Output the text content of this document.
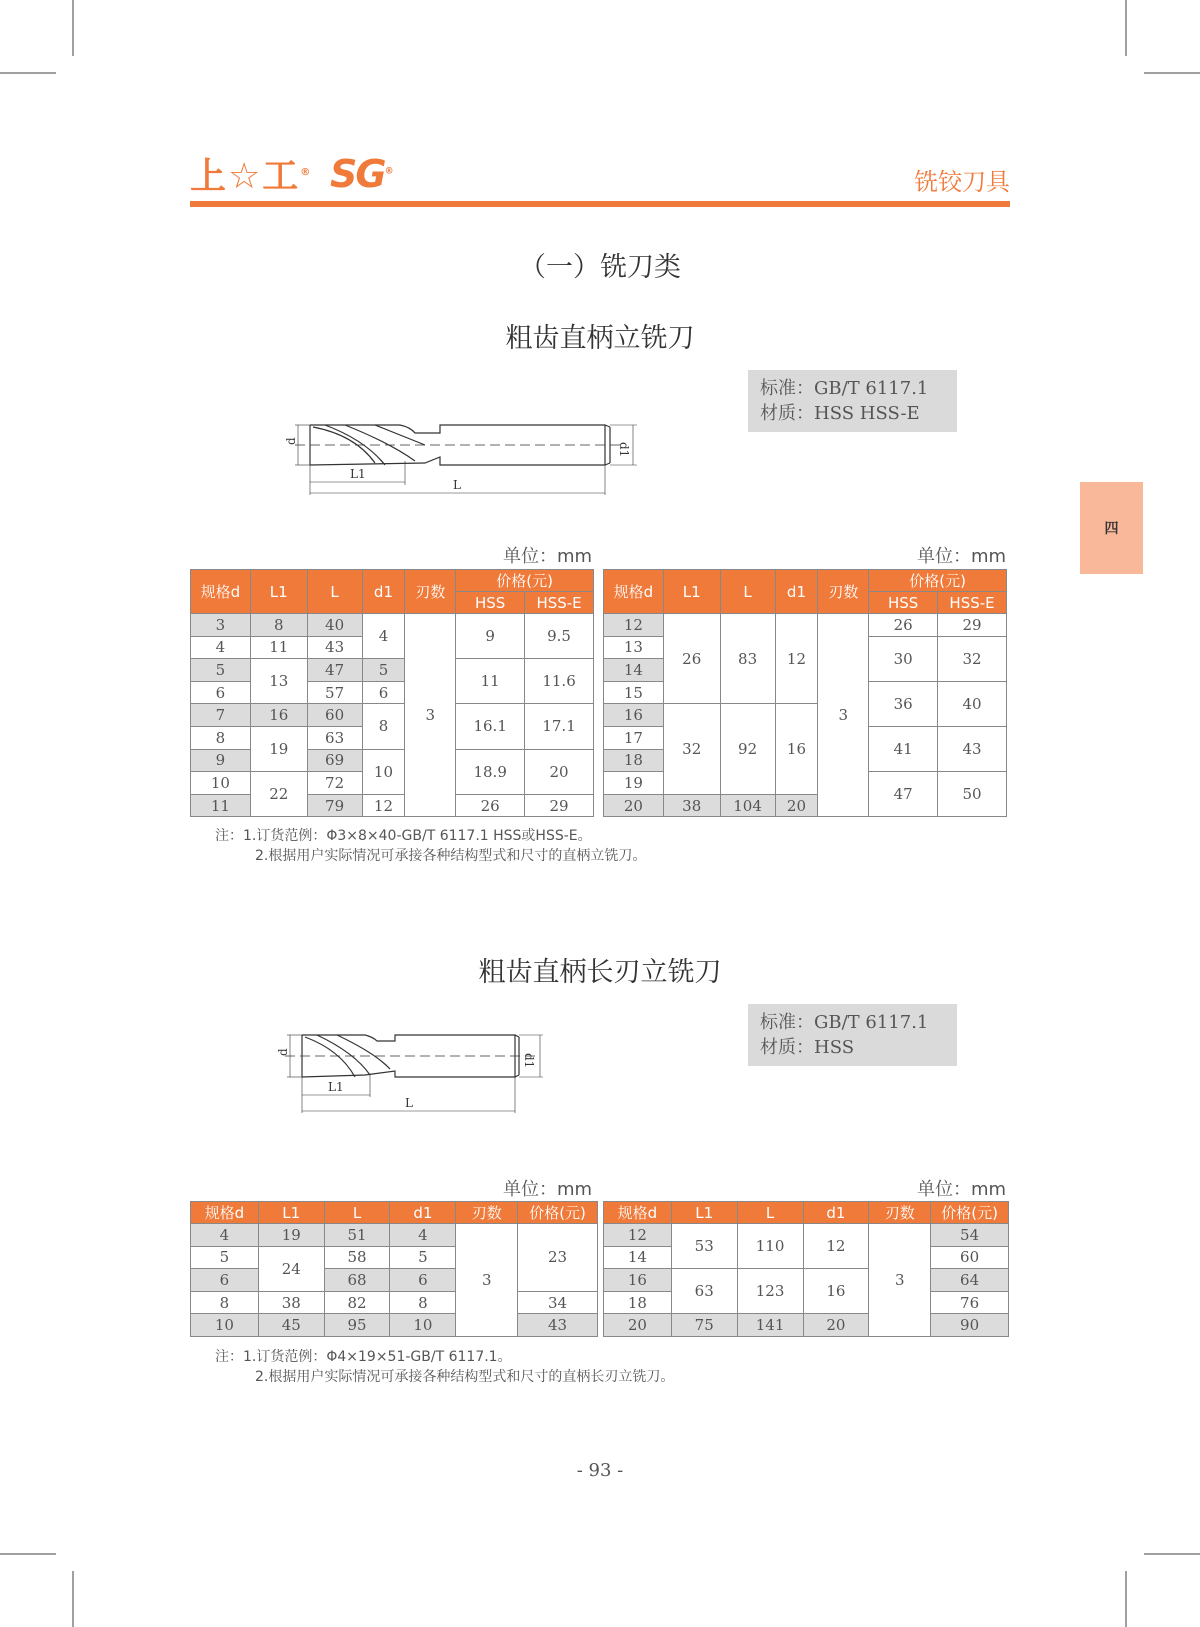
上☆工® SG®	铣铰刀具
四
（一）铣刀类
粗齿直柄立铣刀
标准：GB/T 6117.1
材质：HSS HSS-E
d
d1
L1
L
单位：mm	单位：mm
规格d	L1	L	d1	刃数	价格(元)	
					HSS	HSS-E
3	8	40	4	3	9	9.5
4	11	43				
5	13	47	5		11	11.6
6		57	6			
7	16	60	8		16.1	17.1
8	19	63				
9		69	10		18.9	20
10	22	72				
11		79	12		26	29
规格d	L1	L	d1	刃数	价格(元)	
					HSS	HSS-E
12	26	83	12	3	26	29
13					30	32
14						
15					36	40
16	32	92	16			
17					41	43
18						
19					47	50
20	38	104	20			
注：1.订货范例：Φ3×8×40-GB/T 6117.1 HSS或HSS-E。
2.根据用户实际情况可承接各种结构型式和尺寸的直柄立铣刀。
粗齿直柄长刃立铣刀
标准：GB/T 6117.1
材质：HSS
d
d1
L1
L
单位：mm	单位：mm
规格d	L1	L	d1	刃数	价格(元)
4	19	51	4	3	23
5	24	58	5		
6		68	6		
8	38	82	8		34
10	45	95	10		43
规格d	L1	L	d1	刃数	价格(元)
12	53	110	12	3	54
14					60
16	63	123	16		64
18					76
20	75	141	20		90
注：1.订货范例：Φ4×19×51-GB/T 6117.1。
2.根据用户实际情况可承接各种结构型式和尺寸的直柄长刃立铣刀。
- 93 -
